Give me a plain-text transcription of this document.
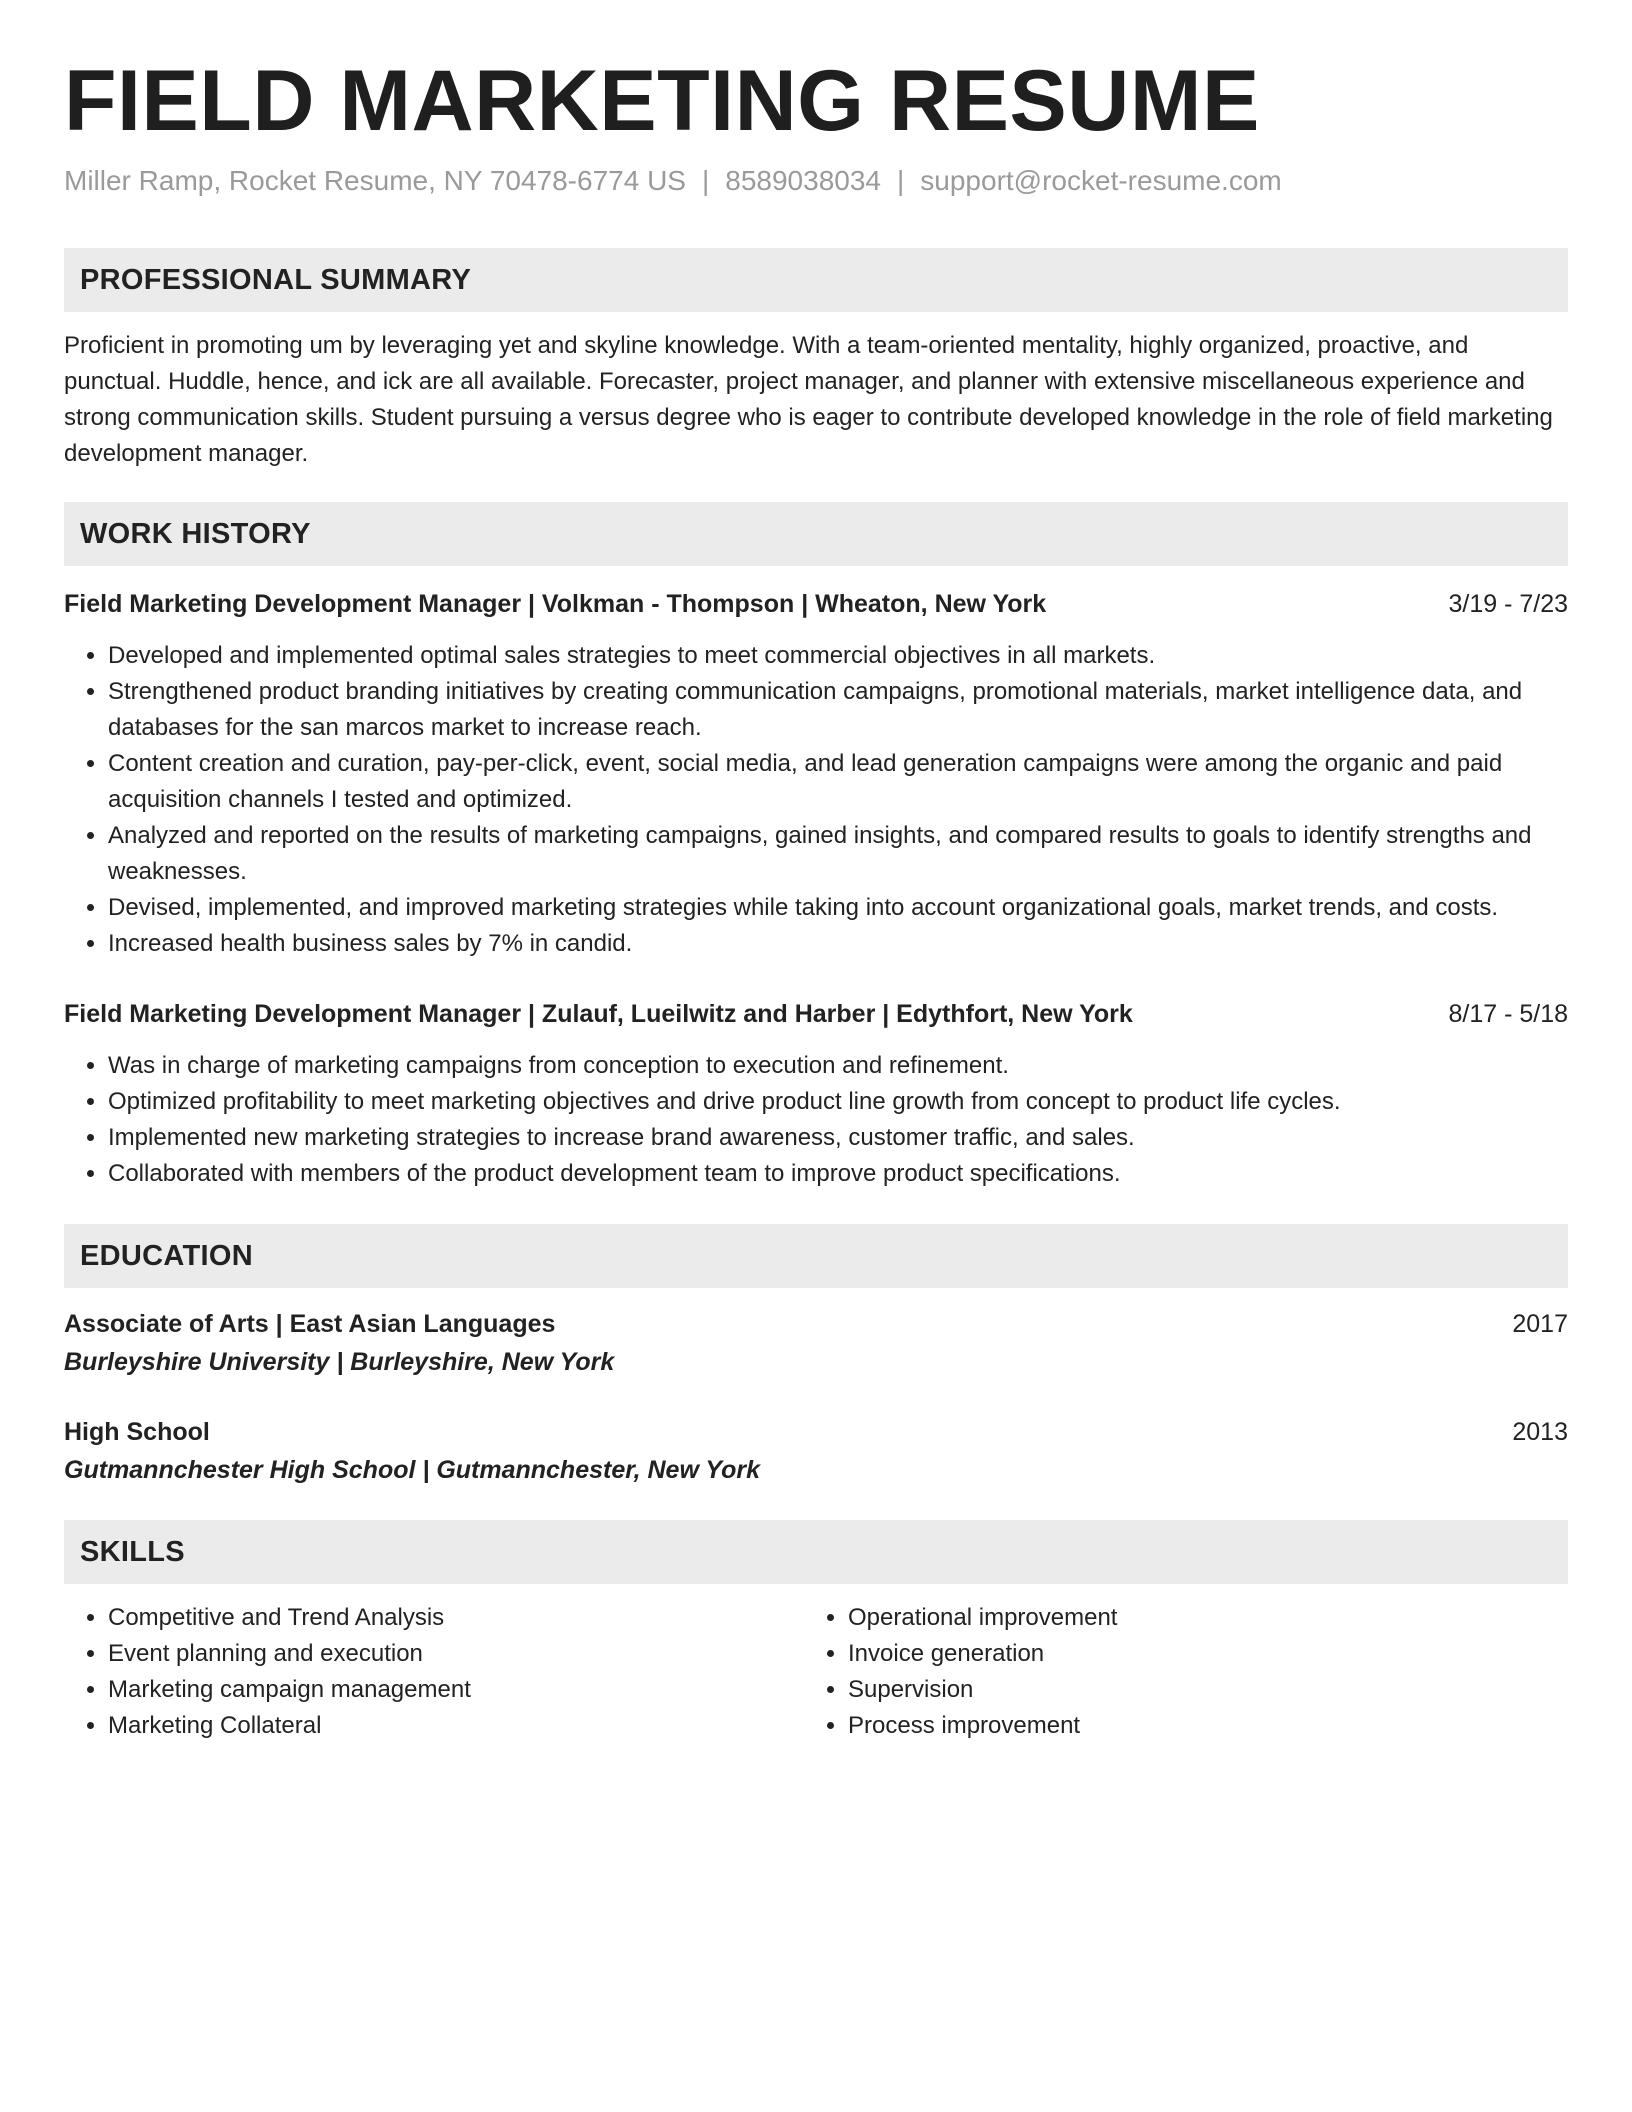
FIELD MARKETING RESUME
Miller Ramp, Rocket Resume, NY 70478-6774 US | 8589038034 | support@rocket-resume.com
PROFESSIONAL SUMMARY
Proficient in promoting um by leveraging yet and skyline knowledge. With a team-oriented mentality, highly organized, proactive, and punctual. Huddle, hence, and ick are all available. Forecaster, project manager, and planner with extensive miscellaneous experience and strong communication skills. Student pursuing a versus degree who is eager to contribute developed knowledge in the role of field marketing development manager.
WORK HISTORY
Field Marketing Development Manager | Volkman - Thompson | Wheaton, New York	3/19 - 7/23
• Developed and implemented optimal sales strategies to meet commercial objectives in all markets.
• Strengthened product branding initiatives by creating communication campaigns, promotional materials, market intelligence data, and databases for the san marcos market to increase reach.
• Content creation and curation, pay-per-click, event, social media, and lead generation campaigns were among the organic and paid acquisition channels I tested and optimized.
• Analyzed and reported on the results of marketing campaigns, gained insights, and compared results to goals to identify strengths and weaknesses.
• Devised, implemented, and improved marketing strategies while taking into account organizational goals, market trends, and costs.
• Increased health business sales by 7% in candid.
Field Marketing Development Manager | Zulauf, Lueilwitz and Harber | Edythfort, New York	8/17 - 5/18
• Was in charge of marketing campaigns from conception to execution and refinement.
• Optimized profitability to meet marketing objectives and drive product line growth from concept to product life cycles.
• Implemented new marketing strategies to increase brand awareness, customer traffic, and sales.
• Collaborated with members of the product development team to improve product specifications.
EDUCATION
Associate of Arts | East Asian Languages	2017
Burleyshire University | Burleyshire, New York
High School	2013
Gutmannchester High School | Gutmannchester, New York
SKILLS
• Competitive and Trend Analysis
• Event planning and execution
• Marketing campaign management
• Marketing Collateral
• Operational improvement
• Invoice generation
• Supervision
• Process improvement
